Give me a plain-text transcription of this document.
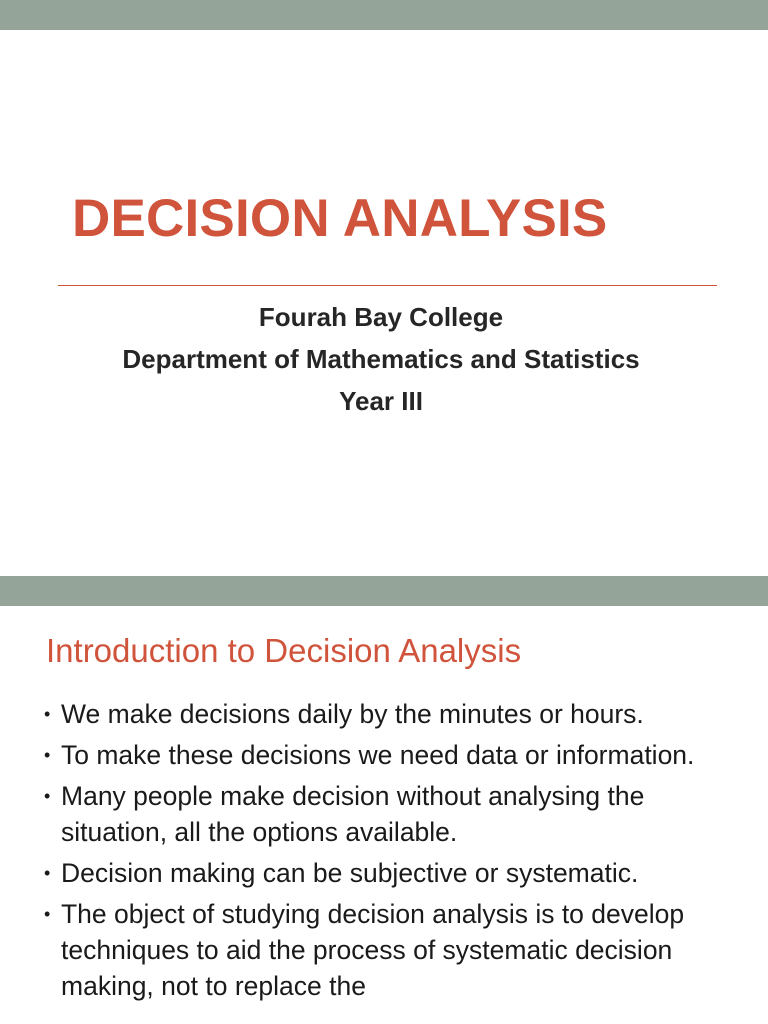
DECISION ANALYSIS
Fourah Bay College
Department of Mathematics and Statistics
Year III
Introduction to Decision Analysis
• We make decisions daily by the minutes or hours.
• To make these decisions we need data or information.
• Many people make decision without analysing the situation, all the options available.
• Decision making can be subjective or systematic.
• The object of studying decision analysis is to develop techniques to aid the process of systematic decision making, not to replace the
